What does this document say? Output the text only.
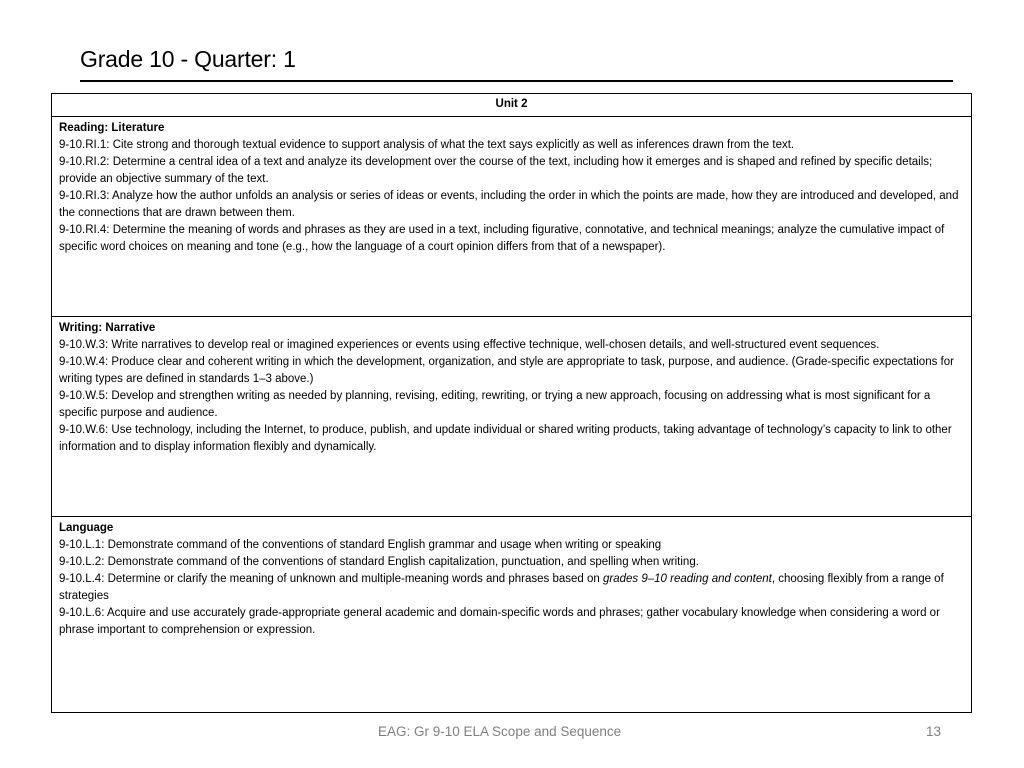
Grade 10 - Quarter: 1
Unit 2
Reading: Literature
9-10.RI.1: Cite strong and thorough textual evidence to support analysis of what the text says explicitly as well as inferences drawn from the text.
9-10.RI.2: Determine a central idea of a text and analyze its development over the course of the text, including how it emerges and is shaped and refined by specific details; provide an objective summary of the text.
9-10.RI.3: Analyze how the author unfolds an analysis or series of ideas or events, including the order in which the points are made, how they are introduced and developed, and the connections that are drawn between them.
9-10.RI.4: Determine the meaning of words and phrases as they are used in a text, including figurative, connotative, and technical meanings; analyze the cumulative impact of specific word choices on meaning and tone (e.g., how the language of a court opinion differs from that of a newspaper).
Writing: Narrative
9-10.W.3: Write narratives to develop real or imagined experiences or events using effective technique, well-chosen details, and well-structured event sequences.
9-10.W.4: Produce clear and coherent writing in which the development, organization, and style are appropriate to task, purpose, and audience. (Grade-specific expectations for writing types are defined in standards 1–3 above.)
9-10.W.5: Develop and strengthen writing as needed by planning, revising, editing, rewriting, or trying a new approach, focusing on addressing what is most significant for a specific purpose and audience.
9-10.W.6: Use technology, including the Internet, to produce, publish, and update individual or shared writing products, taking advantage of technology’s capacity to link to other information and to display information flexibly and dynamically.
Language
9-10.L.1: Demonstrate command of the conventions of standard English grammar and usage when writing or speaking
9-10.L.2: Demonstrate command of the conventions of standard English capitalization, punctuation, and spelling when writing.
9-10.L.4: Determine or clarify the meaning of unknown and multiple-meaning words and phrases based on grades 9–10 reading and content, choosing flexibly from a range of strategies
9-10.L.6: Acquire and use accurately grade-appropriate general academic and domain-specific words and phrases; gather vocabulary knowledge when considering a word or phrase important to comprehension or expression.
EAG: Gr 9-10 ELA Scope and Sequence	13
